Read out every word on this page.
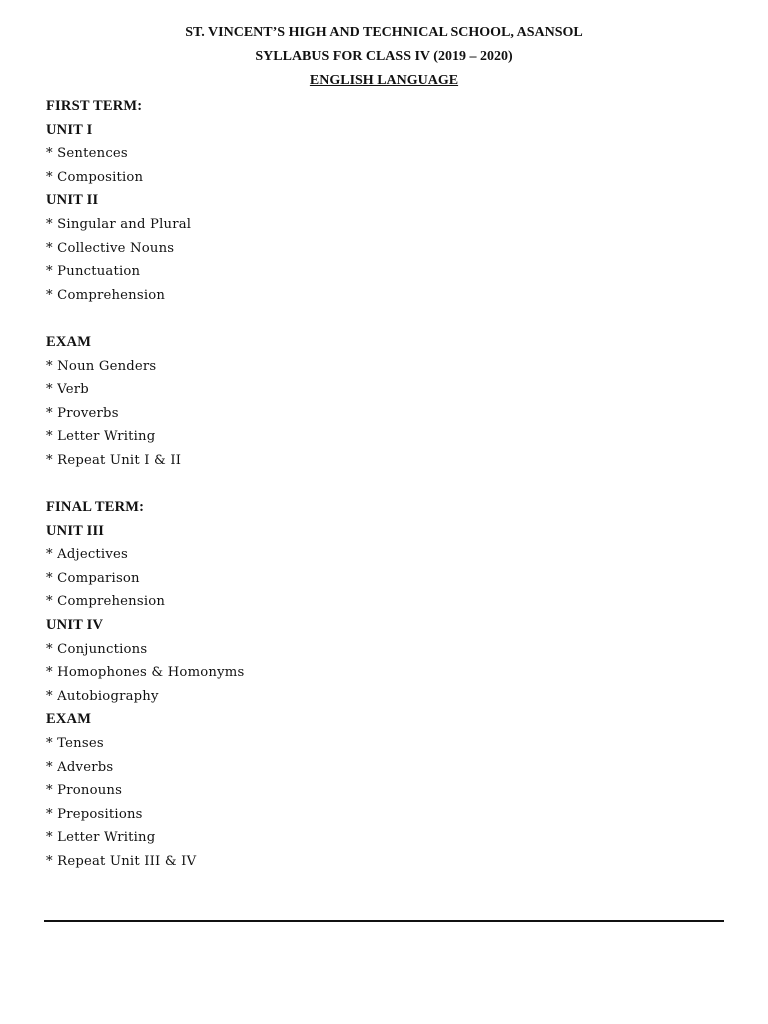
ST. VINCENT’S HIGH AND TECHNICAL SCHOOL, ASANSOL
SYLLABUS FOR CLASS IV (2019 – 2020)
ENGLISH LANGUAGE
FIRST TERM:
UNIT I
* Sentences
* Composition
UNIT II
* Singular and Plural
* Collective Nouns
* Punctuation
* Comprehension
EXAM
* Noun Genders
* Verb
* Proverbs
* Letter Writing
* Repeat Unit I & II
FINAL TERM:
UNIT III
* Adjectives
* Comparison
* Comprehension
UNIT IV
* Conjunctions
* Homophones & Homonyms
* Autobiography
EXAM
* Tenses
* Adverbs
* Pronouns
* Prepositions
* Letter Writing
* Repeat Unit III & IV
